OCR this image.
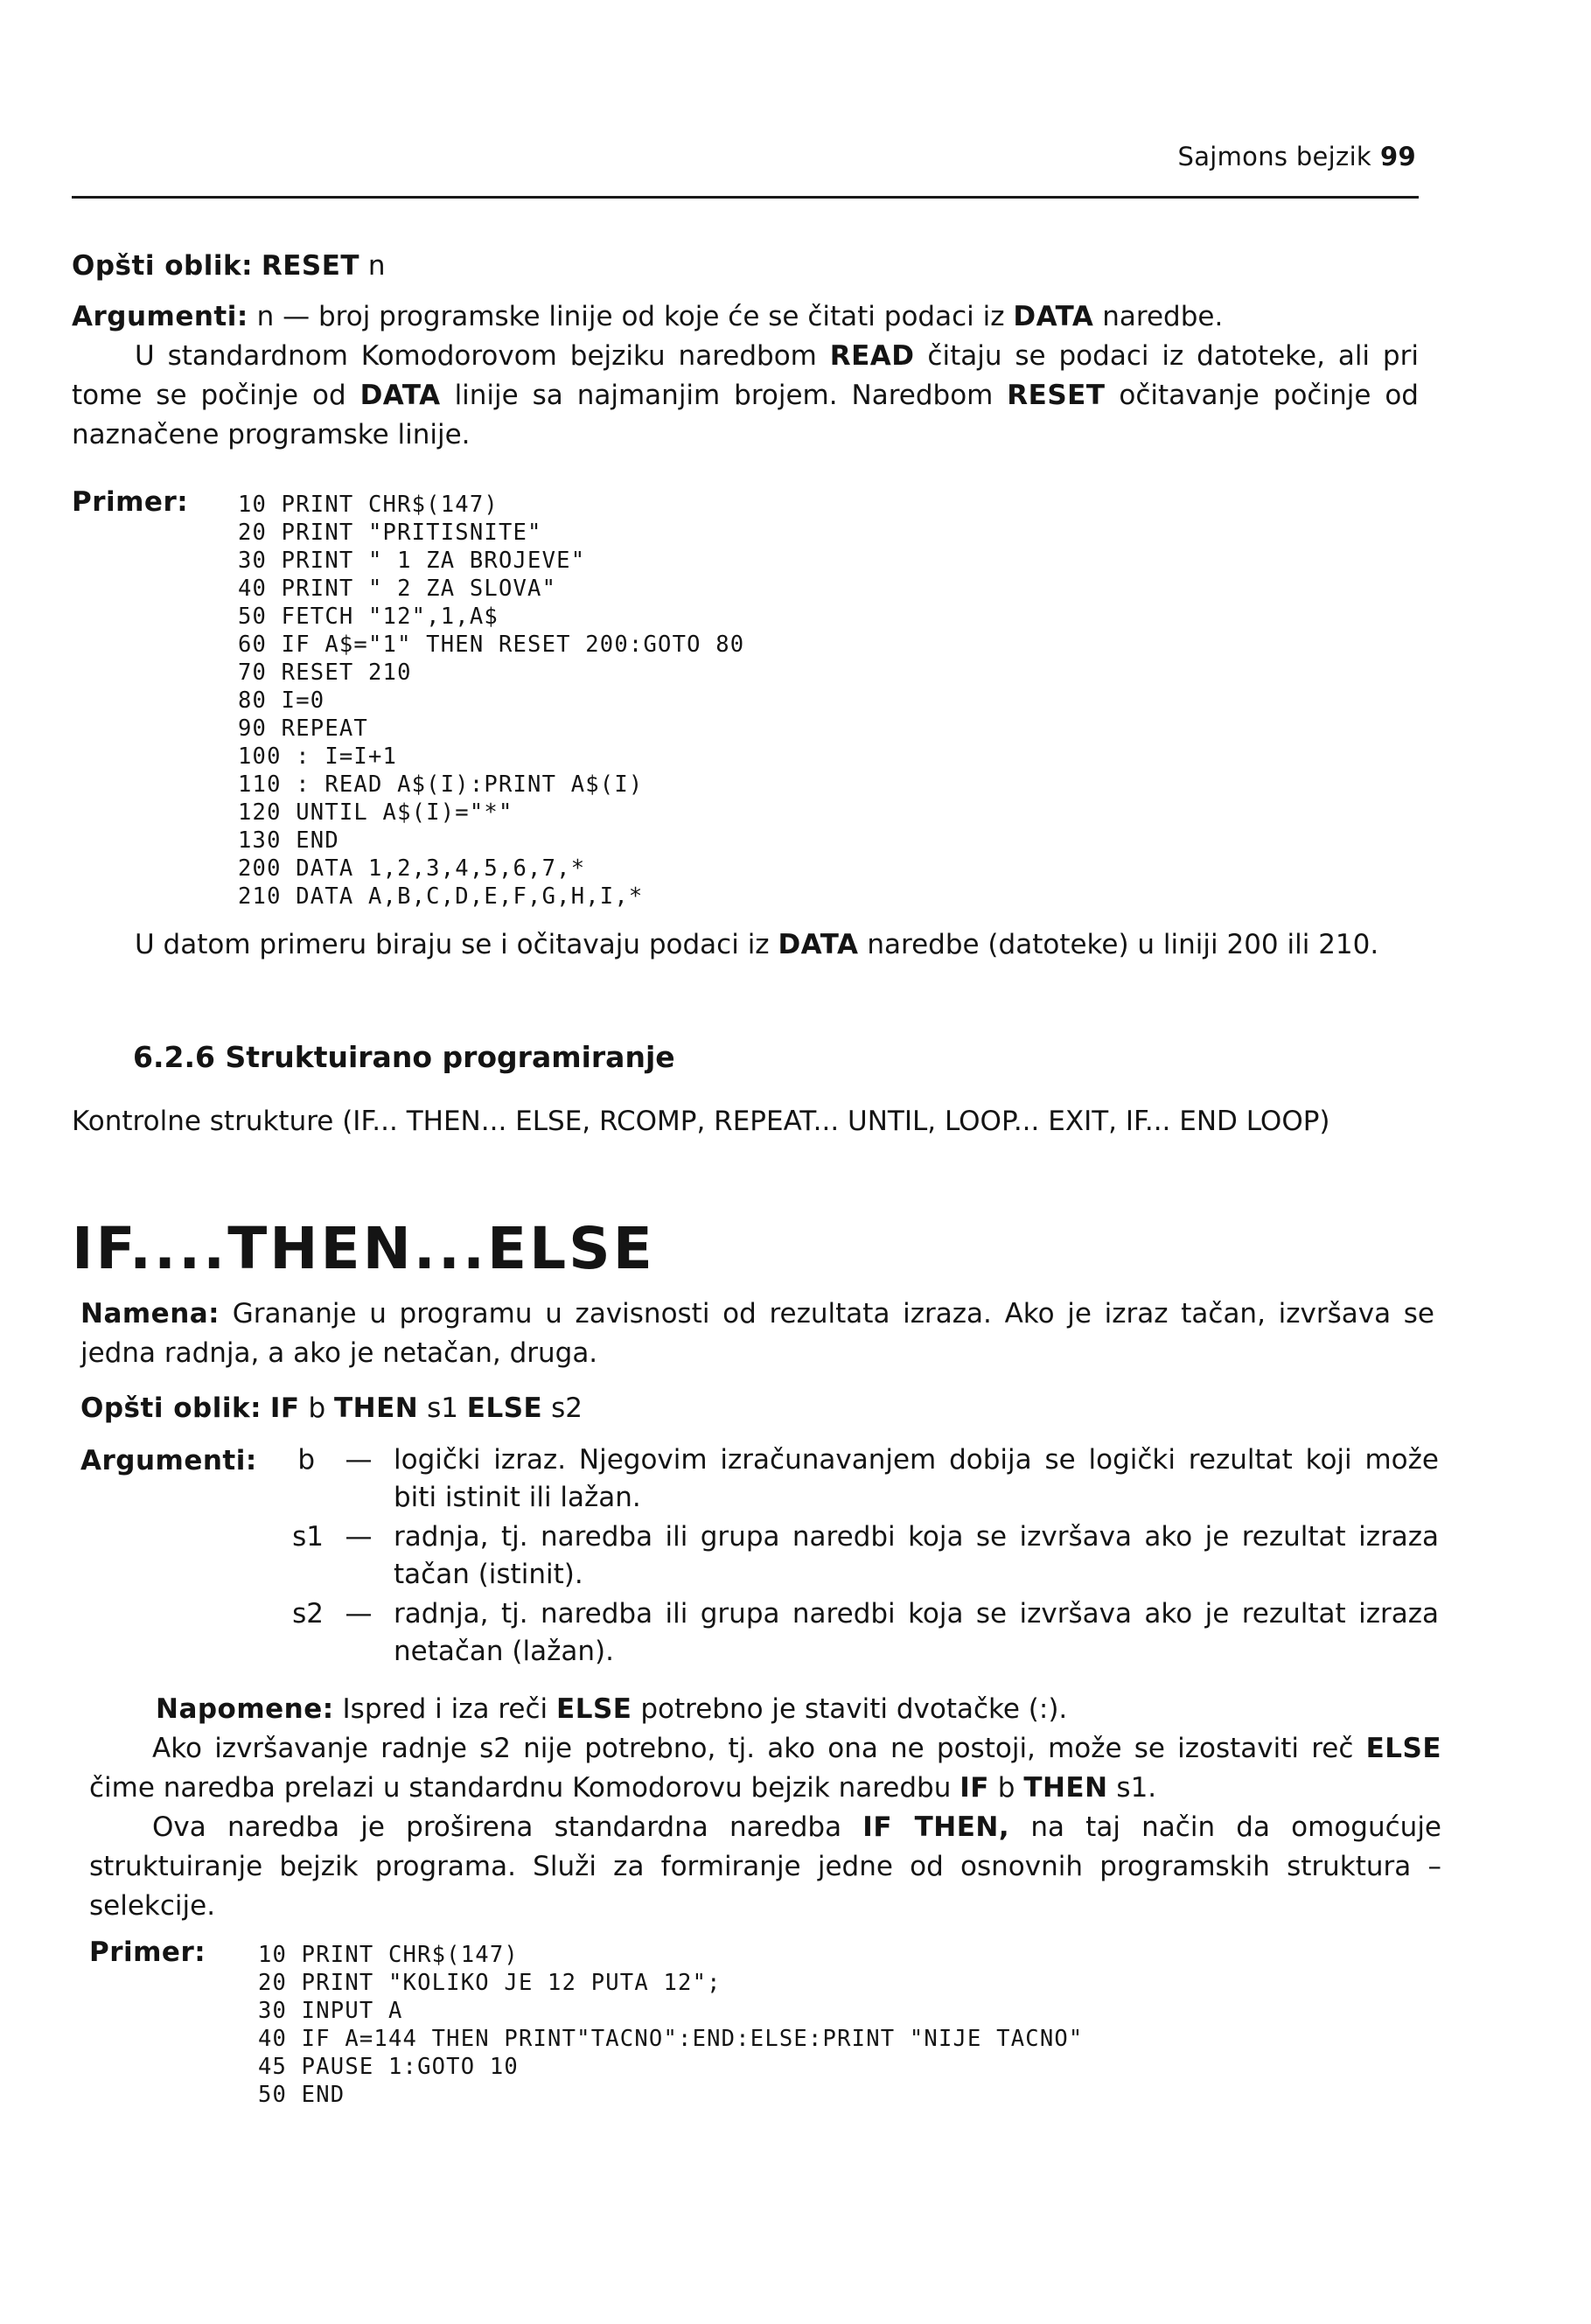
Sajmons bejzik 99
Opšti oblik: RESET n
Argumenti: n — broj programske linije od koje će se čitati podaci iz DATA naredbe.
U standardnom Komodorovom bejziku naredbom READ čitaju se podaci iz datoteke, ali pri tome se počinje od DATA linije sa najmanjim brojem. Naredbom RESET očitavanje počinje od naznačene programske linije.
Primer: 10 PRINT CHR$(147)
20 PRINT "PRITISNITE"
30 PRINT " 1 ZA BROJEVE"
40 PRINT " 2 ZA SLOVA"
50 FETCH "12",1,A$
60 IF A$="1" THEN RESET 200:GOTO 80
70 RESET 210
80 I=0
90 REPEAT
100 : I=I+1
110 : READ A$(I):PRINT A$(I)
120 UNTIL A$(I)="*"
130 END
200 DATA 1,2,3,4,5,6,7,*
210 DATA A,B,C,D,E,F,G,H,I,*
U datom primeru biraju se i očitavaju podaci iz DATA naredbe (datoteke) u liniji 200 ili 210.
6.2.6 Struktuirano programiranje
Kontrolne strukture (IF... THEN... ELSE, RCOMP, REPEAT... UNTIL, LOOP... EXIT, IF... END LOOP)
IF....THEN...ELSE
Namena: Grananje u programu u zavisnosti od rezultata izraza. Ako je izraz tačan, izvršava se jedna radnja, a ako je netačan, druga.
Opšti oblik: IF b THEN s1 ELSE s2
Argumenti:	b — logički izraz. Njegovim izračunavanjem dobija se logički rezultat koji može biti istinit ili lažan.
s1 — radnja, tj. naredba ili grupa naredbi koja se izvršava ako je rezultat izraza tačan (istinit).
s2 — radnja, tj. naredba ili grupa naredbi koja se izvršava ako je rezultat izraza netačan (lažan).
Napomene: Ispred i iza reči ELSE potrebno je staviti dvotačke (:).
Ako izvršavanje radnje s2 nije potrebno, tj. ako ona ne postoji, može se izostaviti reč ELSE čime naredba prelazi u standardnu Komodorovu bejzik naredbu IF b THEN s1.
Ova naredba je proširena standardna naredba IF THEN, na taj način da omogućuje struktuiranje bejzik programa. Služi za formiranje jedne od osnovnih programskih struktura – selekcije.
Primer: 10 PRINT CHR$(147)
20 PRINT "KOLIKO JE 12 PUTA 12";
30 INPUT A
40 IF A=144 THEN PRINT"TACNO":END:ELSE:PRINT "NIJE TACNO"
45 PAUSE 1:GOTO 10
50 END
